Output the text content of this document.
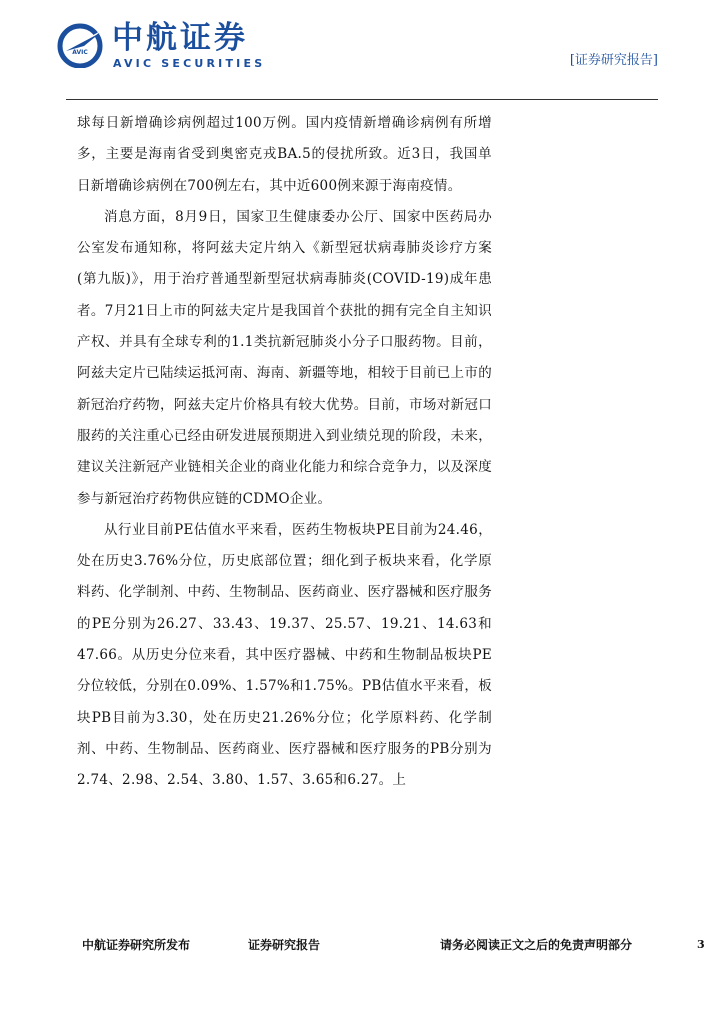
AVIC 中航证券
AVIC SECURITIES	[证券研究报告]

球每日新增确诊病例超过100万例。国内疫情新增确诊病例有所增多，主要是海南省受到奥密克戎BA.5的侵扰所致。近3日，我国单日新增确诊病例在700例左右，其中近600例来源于海南疫情。

消息方面，8月9日，国家卫生健康委办公厅、国家中医药局办公室发布通知称，将阿兹夫定片纳入《新型冠状病毒肺炎诊疗方案(第九版)》，用于治疗普通型新型冠状病毒肺炎(COVID-19)成年患者。7月21日上市的阿兹夫定片是我国首个获批的拥有完全自主知识产权、并具有全球专利的1.1类抗新冠肺炎小分子口服药物。目前，阿兹夫定片已陆续运抵河南、海南、新疆等地，相较于目前已上市的新冠治疗药物，阿兹夫定片价格具有较大优势。目前，市场对新冠口服药的关注重心已经由研发进展预期进入到业绩兑现的阶段，未来，建议关注新冠产业链相关企业的商业化能力和综合竞争力，以及深度参与新冠治疗药物供应链的CDMO企业。

从行业目前PE估值水平来看，医药生物板块PE目前为24.46，处在历史3.76%分位，历史底部位置；细化到子板块来看，化学原料药、化学制剂、中药、生物制品、医药商业、医疗器械和医疗服务的PE分别为26.27、33.43、19.37、25.57、19.21、14.63和47.66。从历史分位来看，其中医疗器械、中药和生物制品板块PE分位较低，分别在0.09%、1.57%和1.75%。PB估值水平来看，板块PB目前为3.30，处在历史21.26%分位；化学原料药、化学制剂、中药、生物制品、医药商业、医疗器械和医疗服务的PB分别为2.74、2.98、2.54、3.80、1.57、3.65和6.27。上

中航证券研究所发布	证券研究报告	请务必阅读正文之后的免责声明部分	3
